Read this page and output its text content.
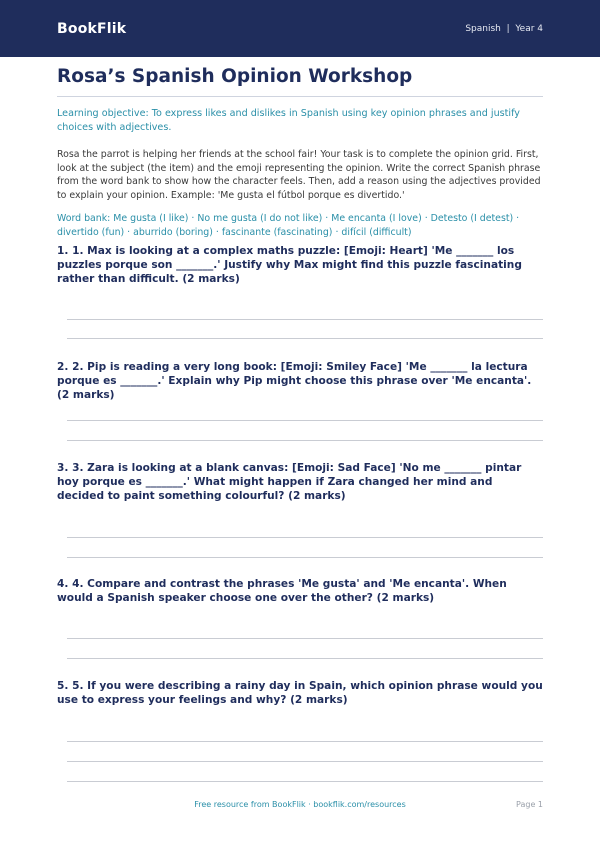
BookFlik	Spanish  |  Year 4
Rosa’s Spanish Opinion Workshop
Learning objective: To express likes and dislikes in Spanish using key opinion phrases and justify choices with adjectives.
Rosa the parrot is helping her friends at the school fair! Your task is to complete the opinion grid. First, look at the subject (the item) and the emoji representing the opinion. Write the correct Spanish phrase from the word bank to show how the character feels. Then, add a reason using the adjectives provided to explain your opinion. Example: 'Me gusta el fútbol porque es divertido.'
Word bank: Me gusta (I like) · No me gusta (I do not like) · Me encanta (I love) · Detesto (I detest) · divertido (fun) · aburrido (boring) · fascinante (fascinating) · difícil (difficult)
1. 1. Max is looking at a complex maths puzzle: [Emoji: Heart] 'Me _______ los puzzles porque son _______.' Justify why Max might find this puzzle fascinating rather than difficult. (2 marks)
2. 2. Pip is reading a very long book: [Emoji: Smiley Face] 'Me _______ la lectura porque es _______.' Explain why Pip might choose this phrase over 'Me encanta'. (2 marks)
3. 3. Zara is looking at a blank canvas: [Emoji: Sad Face] 'No me _______ pintar hoy porque es _______.' What might happen if Zara changed her mind and decided to paint something colourful? (2 marks)
4. 4. Compare and contrast the phrases 'Me gusta' and 'Me encanta'. When would a Spanish speaker choose one over the other? (2 marks)
5. 5. If you were describing a rainy day in Spain, which opinion phrase would you use to express your feelings and why? (2 marks)
Free resource from BookFlik · bookflik.com/resources	Page 1
